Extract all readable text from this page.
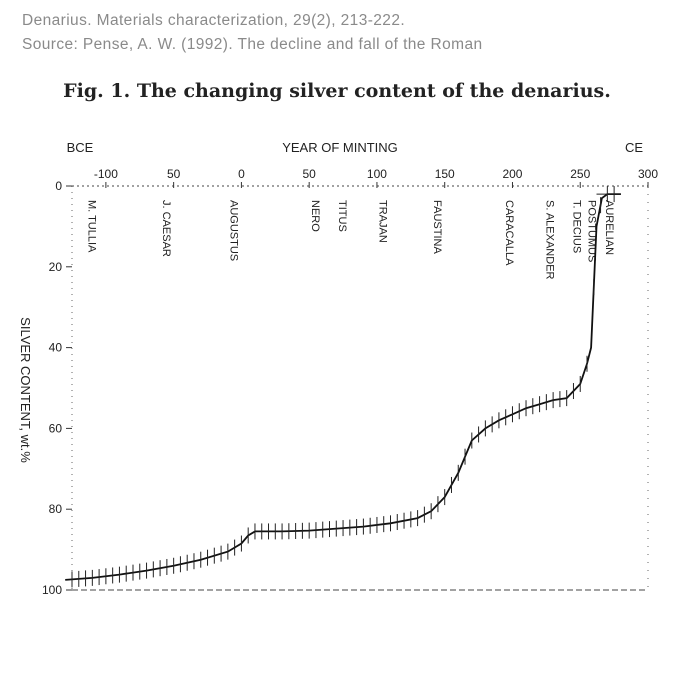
Denarius. Materials characterization, 29(2), 213-222.
Source: Pense, A. W. (1992). The decline and fall of the Roman
Fig. 1. The changing silver content of the denarius.
-100	50	0	50	100	150	200	250	300
0
20
40
60
80
100
M. TULLIA	J. CAESAR	AUGUSTUS	NERO TITUS	TRAJAN	FAUSTINA	CARACALLA	S. ALEXANDER T. DECIUS POSTUMUS AURELIAN
YEAR OF MINTING
BCE	CE
SILVER CONTENT, wt.%
